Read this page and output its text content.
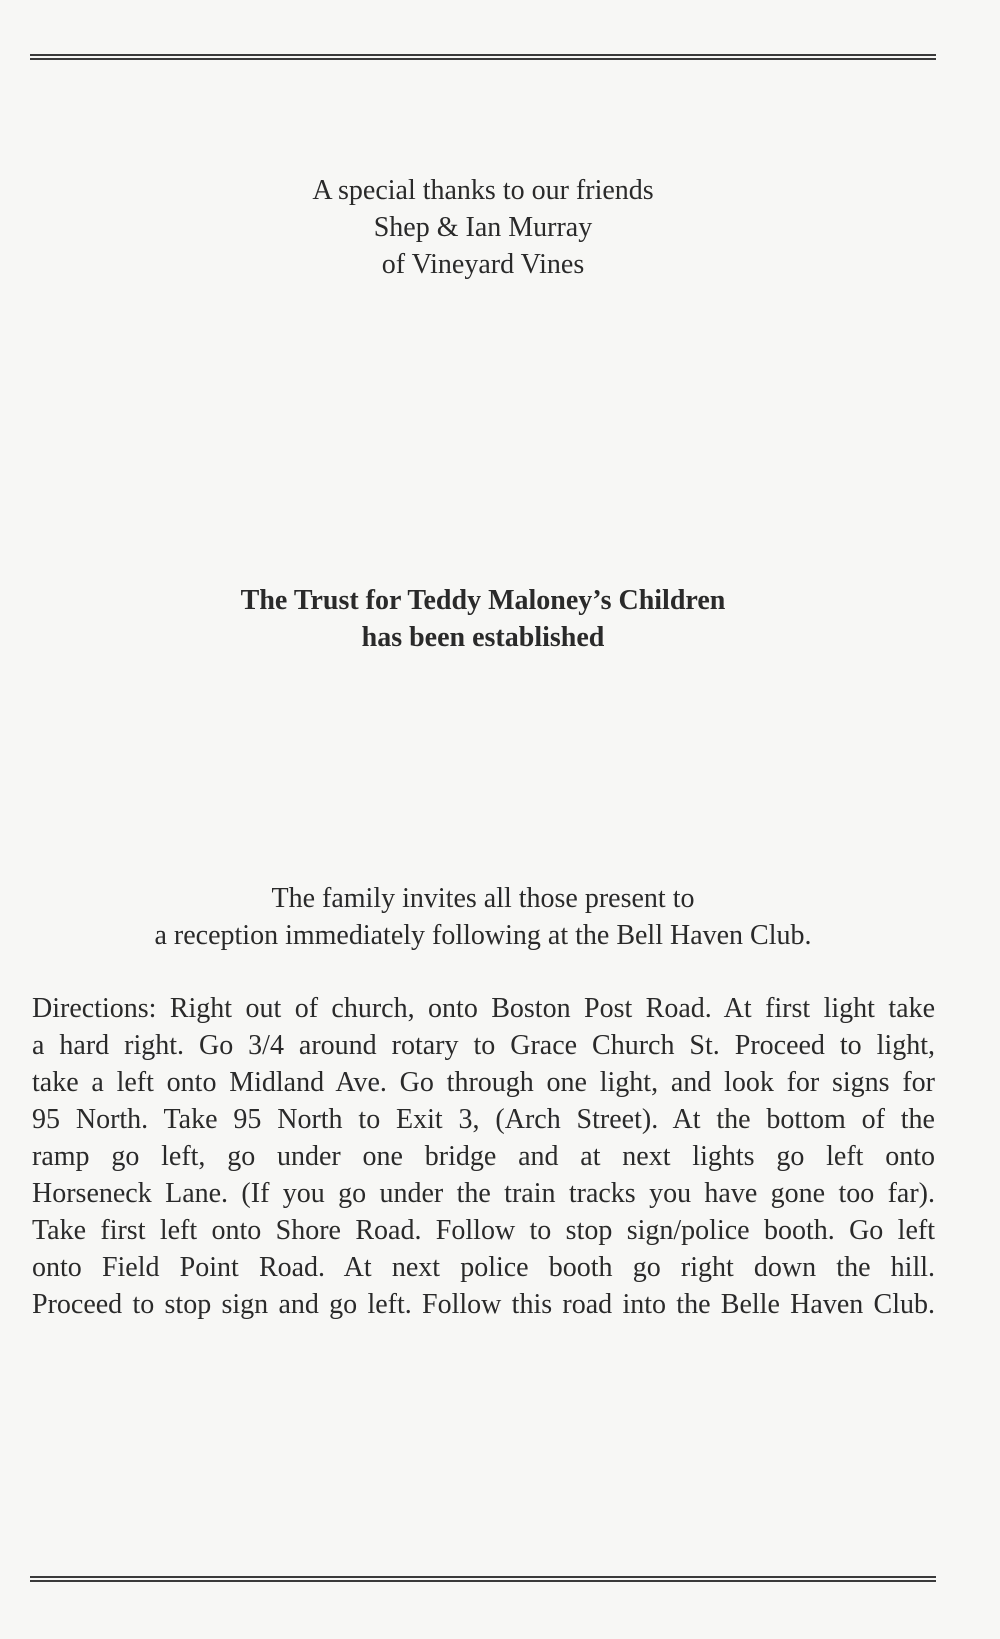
A special thanks to our friends
Shep & Ian Murray
of Vineyard Vines
The Trust for Teddy Maloney’s Children
has been established
The family invites all those present to
a reception immediately following at the Bell Haven Club.
Directions: Right out of church, onto Boston Post Road. At first light take
a hard right. Go 3/4 around rotary to Grace Church St. Proceed to light,
take a left onto Midland Ave. Go through one light, and look for signs for
95 North. Take 95 North to Exit 3, (Arch Street). At the bottom of the
ramp go left, go under one bridge and at next lights go left onto
Horseneck Lane. (If you go under the train tracks you have gone too far).
Take first left onto Shore Road. Follow to stop sign/police booth. Go left
onto Field Point Road. At next police booth go right down the hill.
Proceed to stop sign and go left. Follow this road into the Belle Haven Club.
